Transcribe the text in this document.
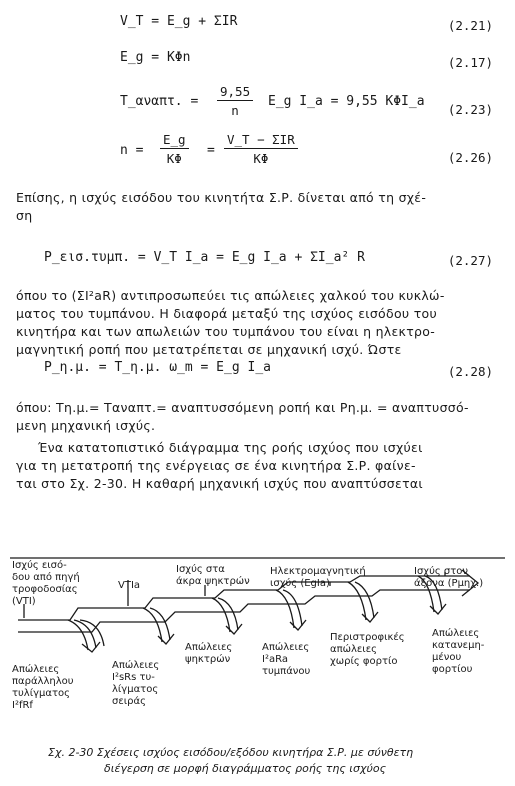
V_T = E_g + ΣIR	(2.21)
E_g = KΦn	(2.17)
T_αναπτ. = $\frac{9,55}{n}$ E_g I_a = 9,55 KΦI_a
(2.23)
$n = \frac{E\_g}{K\Phi}$ =
V_T − ΣIR
KΦ	(2.26)
Επίσης, η ισχύς εισόδου του κινητήτα Σ.Ρ. δίνεται από τη σχέ-
ση
P_εισ.τυμπ. = V_T I_a = E_g I_a + ΣI_a² R	(2.27)
όπου το (ΣI²aR) αντιπροσωπεύει τις απώλειες χαλκού του κυκλώ-
ματος του τυμπάνου. Η διαφορά μεταξύ της ισχύος εισόδου του
κινητήρα και των απωλειών του τυμπάνου του είναι η ηλεκτρο-
μαγνητική ροπή που μετατρέπεται σε μηχανική ισχύ. Ώστε
P_η.μ. = T_η.μ. ω_m = E_g I_a	(2.28)
όπου: Tη.μ.= Tαναπτ.= αναπτυσσόμενη ροπή και Pη.μ. = αναπτυσσό-
μενη μηχανική ισχύς.
Ένα κατατοπιστικό διάγραμμα της ροής ισχύος που ισχύει
για τη μετατροπή της ενέργειας σε ένα κινητήρα Σ.Ρ. φαίνε-
ται στο Σχ. 2-30. Η καθαρή μηχανική ισχύς που αναπτύσσεται
Ισχύς εισό-
δου από πηγή
τροφοδοσίας
(VTI)
VTIa
Ισχύς στα
άκρα ψηκτρών
Ηλεκτρομαγνητική
ισχύς (EgIa)
Ισχύς στον
άξονα (Pμηχ.)
Απώλειες
παράλληλου
τυλίγματος
I²fRf
Απώλειες
I²sRs τυ-
λίγματος
σειράς
Απώλειες
ψηκτρών
Απώλειες
I²aRa
τυμπάνου
Περιστροφικές
απώλειες
χωρίς φορτίο
Απώλειες
κατανεμη-
μένου
φορτίου
Σχ. 2-30 Σχέσεις ισχύος εισόδου/εξόδου κινητήρα Σ.Ρ. με σύνθετη
διέγερση σε μορφή διαγράμματος ροής της ισχύος
